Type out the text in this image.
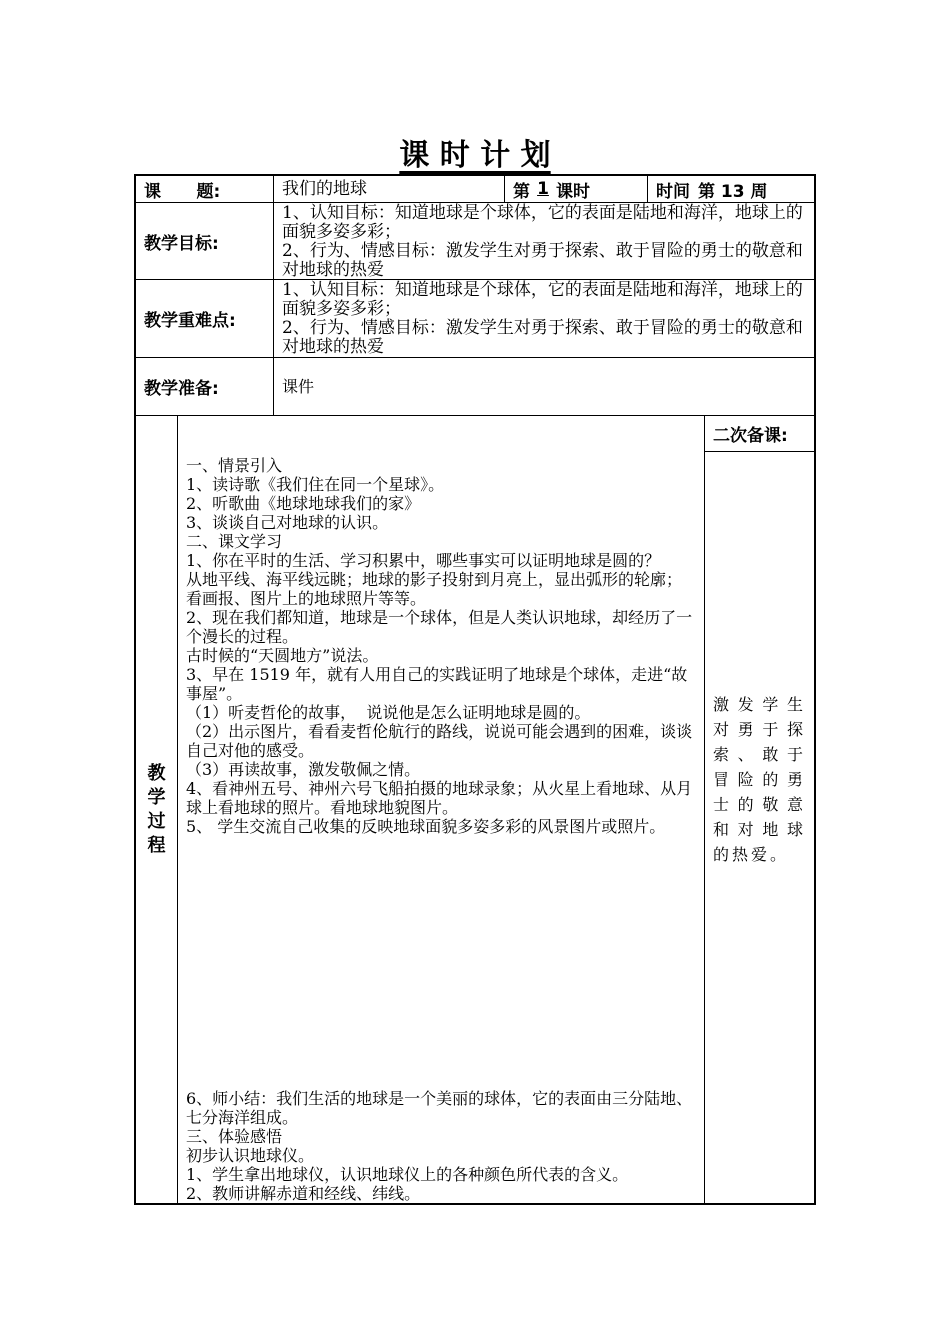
课 时 计 划
课      题:	我们的地球	第 1 课时	时间 第 13 周
教学目标:
1、认知目标：知道地球是个球体，它的表面是陆地和海洋，地球上的面貌多姿多彩；
2、行为、情感目标：激发学生对勇于探索、敢于冒险的勇士的敬意和对地球的热爱
教学重难点:
1、认知目标：知道地球是个球体，它的表面是陆地和海洋，地球上的面貌多姿多彩；
2、行为、情感目标：激发学生对勇于探索、敢于冒险的勇士的敬意和对地球的热爱
教学准备:	课件
教学过程
一、情景引入
1、读诗歌《我们住在同一个星球》。
2、听歌曲《地球地球我们的家》
3、谈谈自己对地球的认识。
二、课文学习
1、你在平时的生活、学习积累中，哪些事实可以证明地球是圆的？
从地平线、海平线远眺；地球的影子投射到月亮上，显出弧形的轮廓；看画报、图片上的地球照片等等。
2、现在我们都知道，地球是一个球体，但是人类认识地球，却经历了一个漫长的过程。
古时候的“天圆地方”说法。
3、早在 1519 年，就有人用自己的实践证明了地球是个球体，走进“故事屋”。
（1）听麦哲伦的故事，  说说他是怎么证明地球是圆的。
（2）出示图片，看看麦哲伦航行的路线，说说可能会遇到的困难，谈谈自己对他的感受。
（3）再读故事，激发敬佩之情。
4、看神州五号、神州六号飞船拍摄的地球录象；从火星上看地球、从月球上看地球的照片。看地球地貌图片。
5、 学生交流自己收集的反映地球面貌多姿多彩的风景图片或照片。
6、师小结：我们生活的地球是一个美丽的球体，它的表面由三分陆地、七分海洋组成。
三、体验感悟
初步认识地球仪。
1、学生拿出地球仪，认识地球仪上的各种颜色所代表的含义。
2、教师讲解赤道和经线、纬线。
二次备课:
激发学生对勇于探索、敢于冒险的勇士的敬意和对地球的热爱。
